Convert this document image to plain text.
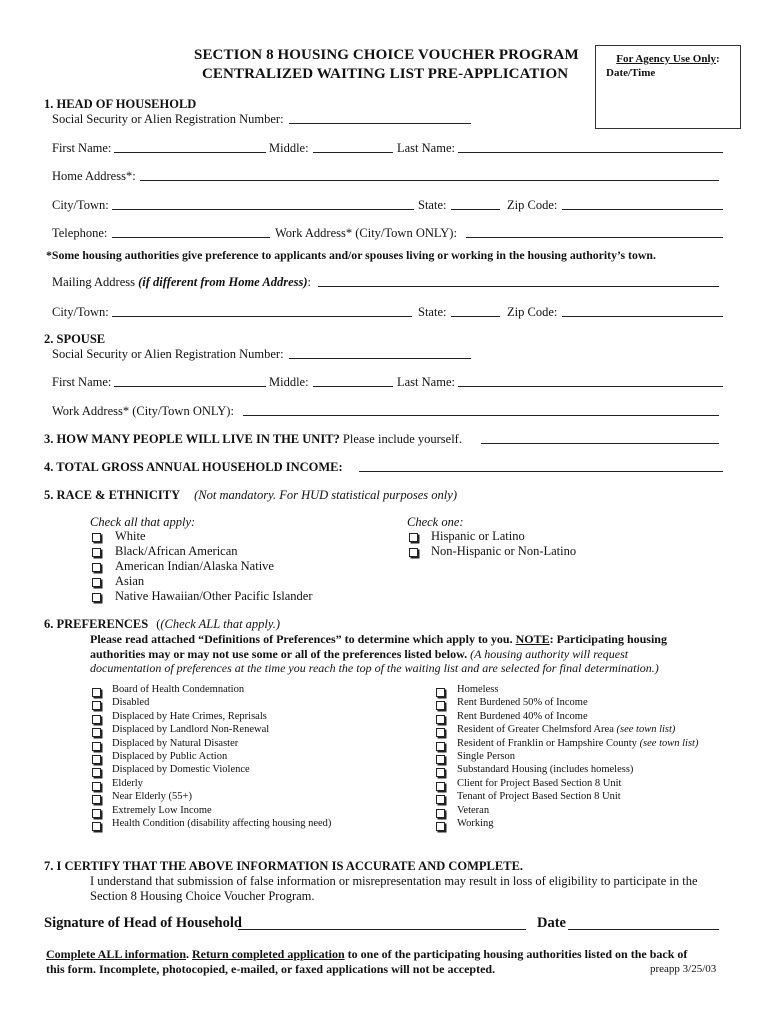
SECTION 8 HOUSING CHOICE VOUCHER PROGRAM
CENTRALIZED WAITING LIST PRE-APPLICATION
For Agency Use Only:
Date/Time
1. HEAD OF HOUSEHOLD
Social Security or Alien Registration Number:
First Name:	Middle:	Last Name:
Home Address*:
City/Town:	State:	Zip Code:
Telephone:	Work Address* (City/Town ONLY):
*Some housing authorities give preference to applicants and/or spouses living or working in the housing authority’s town.
Mailing Address (if different from Home Address):
City/Town:	State:	Zip Code:
2. SPOUSE
Social Security or Alien Registration Number:
First Name:	Middle:	Last Name:
Work Address* (City/Town ONLY):
3. HOW MANY PEOPLE WILL LIVE IN THE UNIT? Please include yourself.
4. TOTAL GROSS ANNUAL HOUSEHOLD INCOME:
5. RACE & ETHNICITY (Not mandatory. For HUD statistical purposes only)
Check all that apply:
White
Black/African American
American Indian/Alaska Native
Asian
Native Hawaiian/Other Pacific Islander
Check one:
Hispanic or Latino
Non-Hispanic or Non-Latino
6. PREFERENCES ((Check ALL that apply.)
Please read attached “Definitions of Preferences” to determine which apply to you. NOTE: Participating housing
authorities may or may not use some or all of the preferences listed below. (A housing authority will request
documentation of preferences at the time you reach the top of the waiting list and are selected for final determination.)
Board of Health Condemnation
Disabled
Displaced by Hate Crimes, Reprisals
Displaced by Landlord Non-Renewal
Displaced by Natural Disaster
Displaced by Public Action
Displaced by Domestic Violence
Elderly
Near Elderly (55+)
Extremely Low Income
Health Condition (disability affecting housing need)
Homeless
Rent Burdened 50% of Income
Rent Burdened 40% of Income
Resident of Greater Chelmsford Area (see town list)
Resident of Franklin or Hampshire County (see town list)
Single Person
Substandard Housing (includes homeless)
Client for Project Based Section 8 Unit
Tenant of Project Based Section 8 Unit
Veteran
Working
7. I CERTIFY THAT THE ABOVE INFORMATION IS ACCURATE AND COMPLETE.
I understand that submission of false information or misrepresentation may result in loss of eligibility to participate in the
Section 8 Housing Choice Voucher Program.
Signature of Head of Household	Date
Complete ALL information. Return completed application to one of the participating housing authorities listed on the back of
this form. Incomplete, photocopied, e-mailed, or faxed applications will not be accepted.	preapp 3/25/03
